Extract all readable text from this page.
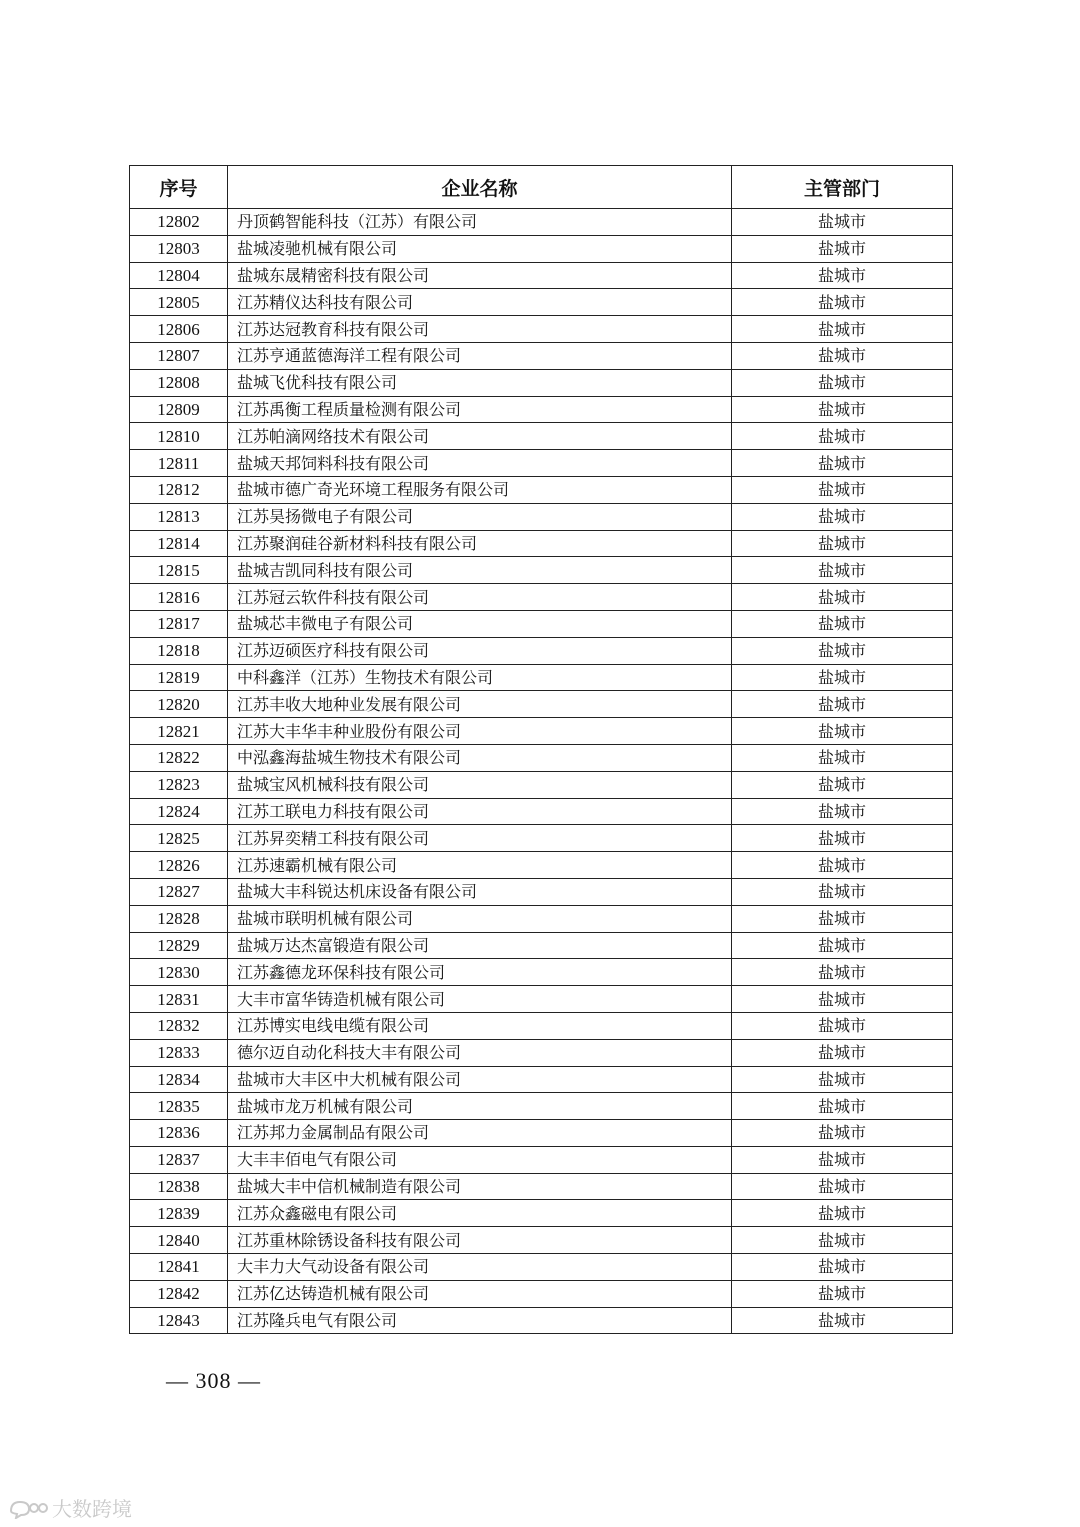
序号	企业名称	主管部门
12802	丹顶鹤智能科技（江苏）有限公司	盐城市
12803	盐城凌驰机械有限公司	盐城市
12804	盐城东晟精密科技有限公司	盐城市
12805	江苏精仪达科技有限公司	盐城市
12806	江苏达冠教育科技有限公司	盐城市
12807	江苏亨通蓝德海洋工程有限公司	盐城市
12808	盐城飞优科技有限公司	盐城市
12809	江苏禹衡工程质量检测有限公司	盐城市
12810	江苏帕滴网络技术有限公司	盐城市
12811	盐城天邦饲料科技有限公司	盐城市
12812	盐城市德广奇光环境工程服务有限公司	盐城市
12813	江苏昊扬微电子有限公司	盐城市
12814	江苏聚润硅谷新材料科技有限公司	盐城市
12815	盐城吉凯同科技有限公司	盐城市
12816	江苏冠云软件科技有限公司	盐城市
12817	盐城芯丰微电子有限公司	盐城市
12818	江苏迈硕医疗科技有限公司	盐城市
12819	中科鑫洋（江苏）生物技术有限公司	盐城市
12820	江苏丰收大地种业发展有限公司	盐城市
12821	江苏大丰华丰种业股份有限公司	盐城市
12822	中泓鑫海盐城生物技术有限公司	盐城市
12823	盐城宝风机械科技有限公司	盐城市
12824	江苏工联电力科技有限公司	盐城市
12825	江苏昇奕精工科技有限公司	盐城市
12826	江苏速霸机械有限公司	盐城市
12827	盐城大丰科锐达机床设备有限公司	盐城市
12828	盐城市联明机械有限公司	盐城市
12829	盐城万达杰富锻造有限公司	盐城市
12830	江苏鑫德龙环保科技有限公司	盐城市
12831	大丰市富华铸造机械有限公司	盐城市
12832	江苏博实电线电缆有限公司	盐城市
12833	德尔迈自动化科技大丰有限公司	盐城市
12834	盐城市大丰区中大机械有限公司	盐城市
12835	盐城市龙万机械有限公司	盐城市
12836	江苏邦力金属制品有限公司	盐城市
12837	大丰丰佰电气有限公司	盐城市
12838	盐城大丰中信机械制造有限公司	盐城市
12839	江苏众鑫磁电有限公司	盐城市
12840	江苏重林除锈设备科技有限公司	盐城市
12841	大丰力大气动设备有限公司	盐城市
12842	江苏亿达铸造机械有限公司	盐城市
12843	江苏隆兵电气有限公司	盐城市
— 308 —
大数跨境
